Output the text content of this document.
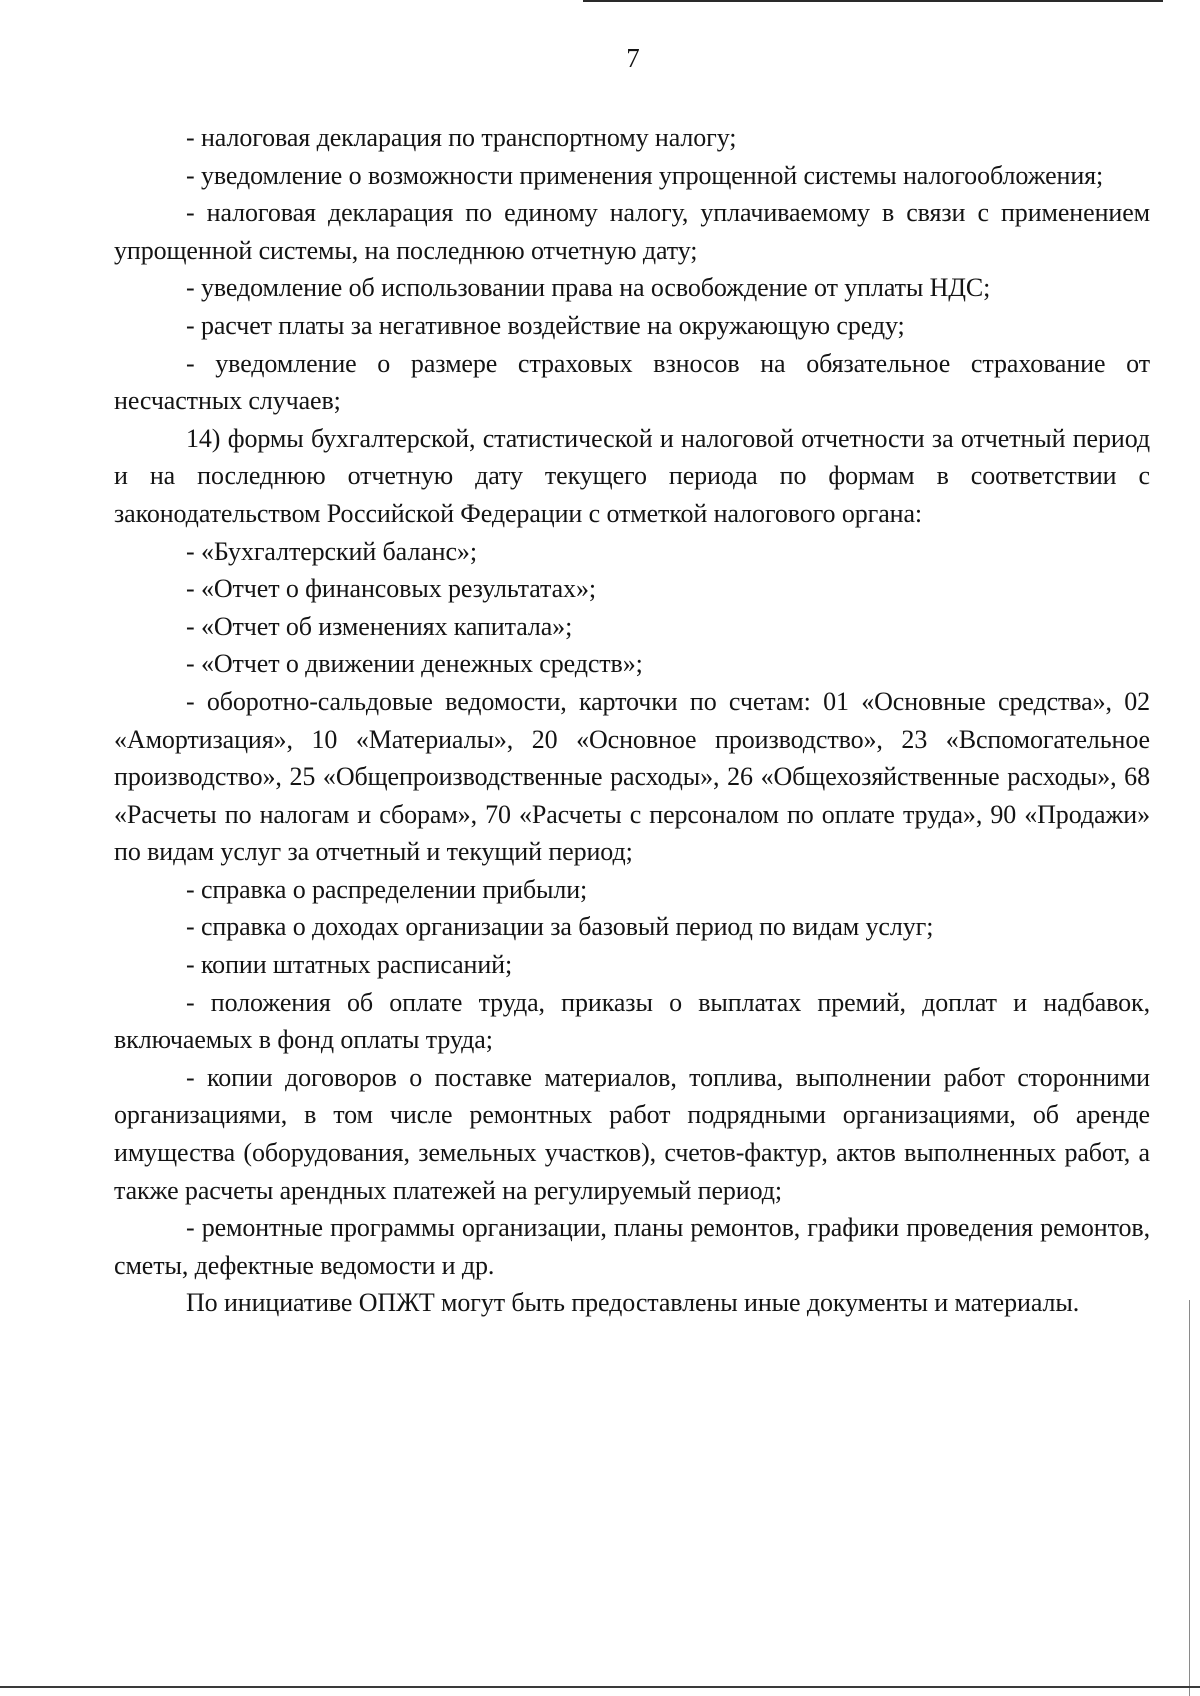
7

- налоговая декларация по транспортному налогу;

- уведомление о возможности применения упрощенной системы налогообложения;

- налоговая декларация по единому налогу, уплачиваемому в связи с применением упрощенной системы, на последнюю отчетную дату;

- уведомление об использовании права на освобождение от уплаты НДС;

- расчет платы за негативное воздействие на окружающую среду;

- уведомление о размере страховых взносов на обязательное страхование от несчастных случаев;

14) формы бухгалтерской, статистической и налоговой отчетности за отчетный период и на последнюю отчетную дату текущего периода по формам в соответствии с законодательством Российской Федерации с отметкой налогового органа:

- «Бухгалтерский баланс»;

- «Отчет о финансовых результатах»;

- «Отчет об изменениях капитала»;

- «Отчет о движении денежных средств»;

- оборотно-сальдовые ведомости, карточки по счетам: 01 «Основные средства», 02 «Амортизация», 10 «Материалы», 20 «Основное производство», 23 «Вспомогательное производство», 25 «Общепроизводственные расходы», 26 «Общехозяйственные расходы», 68 «Расчеты по налогам и сборам», 70 «Расчеты с персоналом по оплате труда», 90 «Продажи» по видам услуг за отчетный и текущий период;

- справка о распределении прибыли;

- справка о доходах организации за базовый период по видам услуг;

- копии штатных расписаний;

- положения об оплате труда, приказы о выплатах премий, доплат и надбавок, включаемых в фонд оплаты труда;

- копии договоров о поставке материалов, топлива, выполнении работ сторонними организациями, в том числе ремонтных работ подрядными организациями, об аренде имущества (оборудования, земельных участков), счетов-фактур, актов выполненных работ, а также расчеты арендных платежей на регулируемый период;

- ремонтные программы организации, планы ремонтов, графики проведения ремонтов, сметы, дефектные ведомости и др.

По инициативе ОПЖТ могут быть предоставлены иные документы и материалы.
